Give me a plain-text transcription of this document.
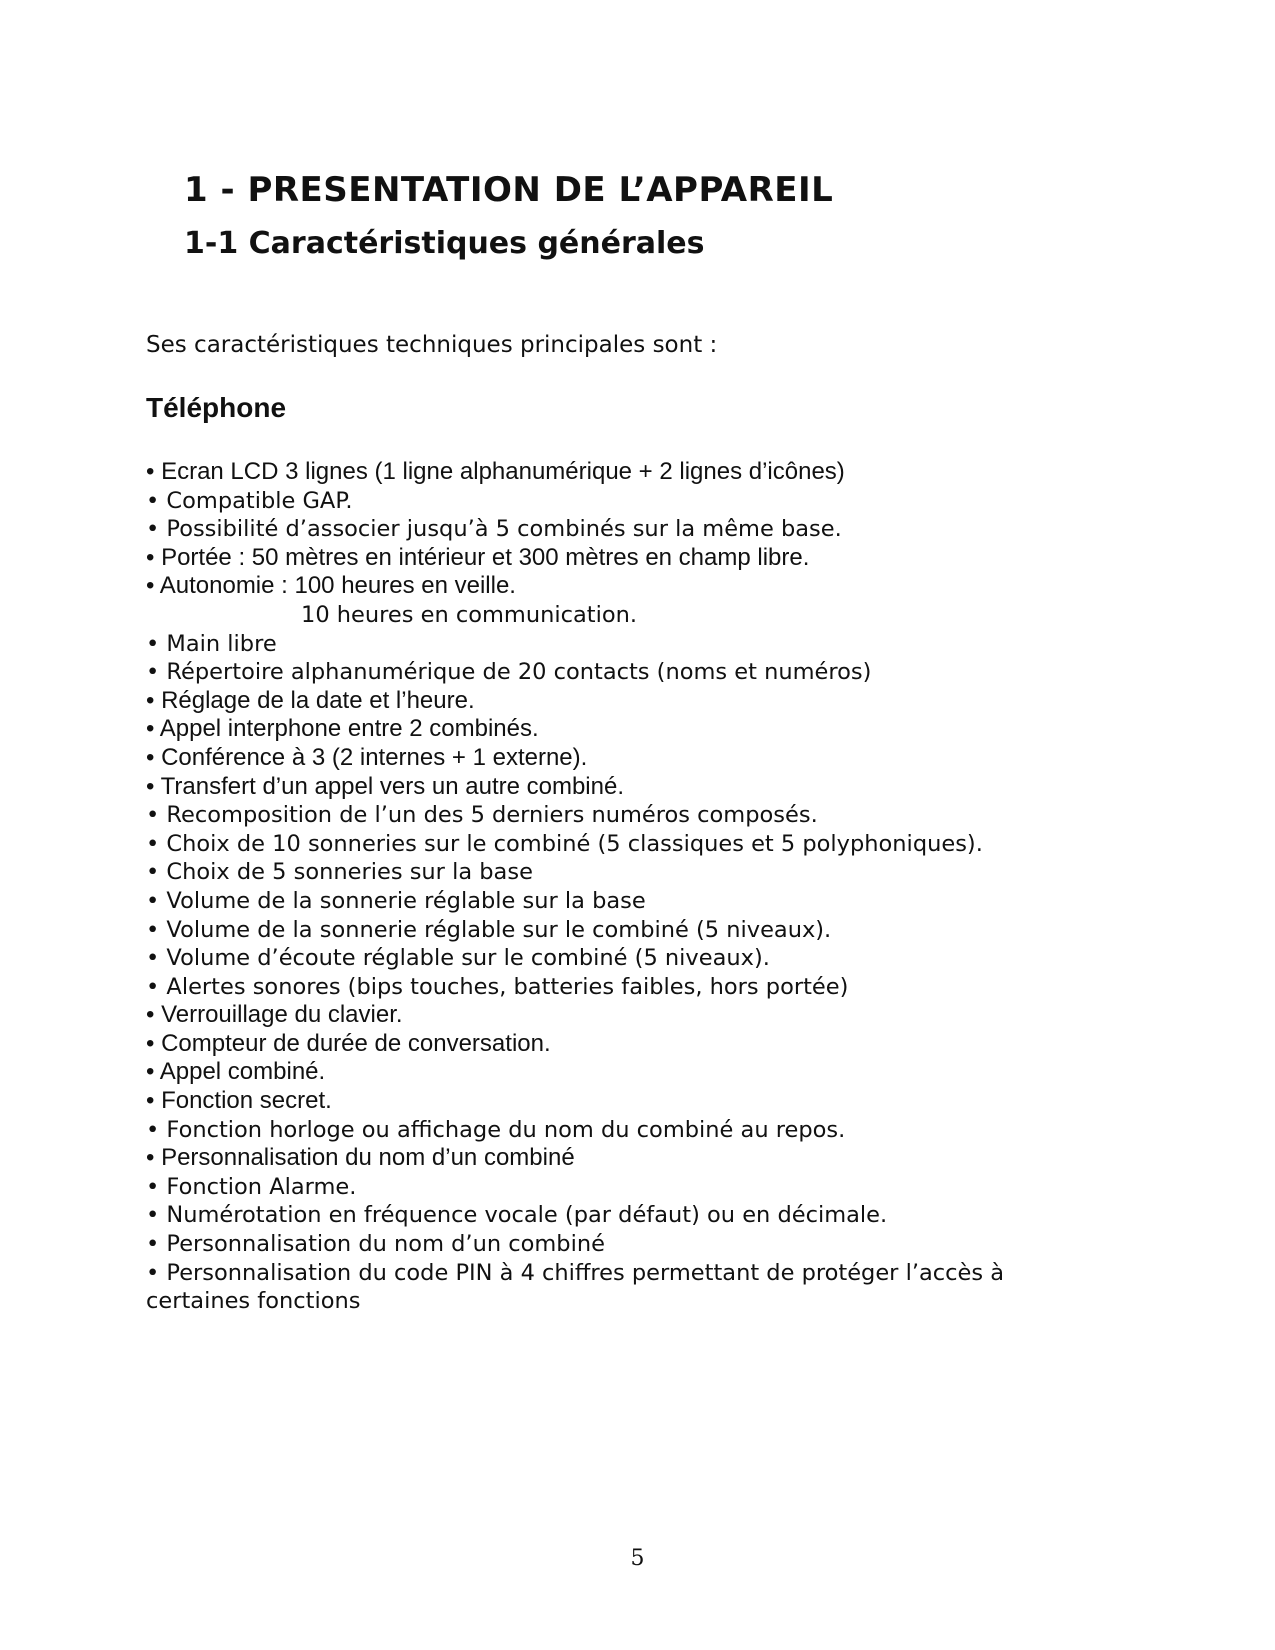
1 - PRESENTATION DE L’APPAREIL
1-1 Caractéristiques générales

Ses caractéristiques techniques principales sont :

Téléphone
• Ecran LCD 3 lignes (1 ligne alphanumérique + 2 lignes d’icônes)
• Compatible GAP.
• Possibilité d’associer jusqu’à 5 combinés sur la même base.
• Portée : 50 mètres en intérieur et 300 mètres en champ libre.
• Autonomie : 100 heures en veille.
10 heures en communication.
• Main libre
• Répertoire alphanumérique de 20 contacts (noms et numéros)
• Réglage de la date et l’heure.
• Appel interphone entre 2 combinés.
• Conférence à 3 (2 internes + 1 externe).
• Transfert d’un appel vers un autre combiné.
• Recomposition de l’un des 5 derniers numéros composés.
• Choix de 10 sonneries sur le combiné (5 classiques et 5 polyphoniques).
• Choix de 5 sonneries sur la base
• Volume de la sonnerie réglable sur la base
• Volume de la sonnerie réglable sur le combiné (5 niveaux).
• Volume d’écoute réglable sur le combiné (5 niveaux).
• Alertes sonores (bips touches, batteries faibles, hors portée)
• Verrouillage du clavier.
• Compteur de durée de conversation.
• Appel combiné.
• Fonction secret.
• Fonction horloge ou affichage du nom du combiné au repos.
• Personnalisation du nom d’un combiné
• Fonction Alarme.
• Numérotation en fréquence vocale (par défaut) ou en décimale.
• Personnalisation du nom d’un combiné
• Personnalisation du code PIN à 4 chiffres permettant de protéger l’accès à certaines fonctions
5
